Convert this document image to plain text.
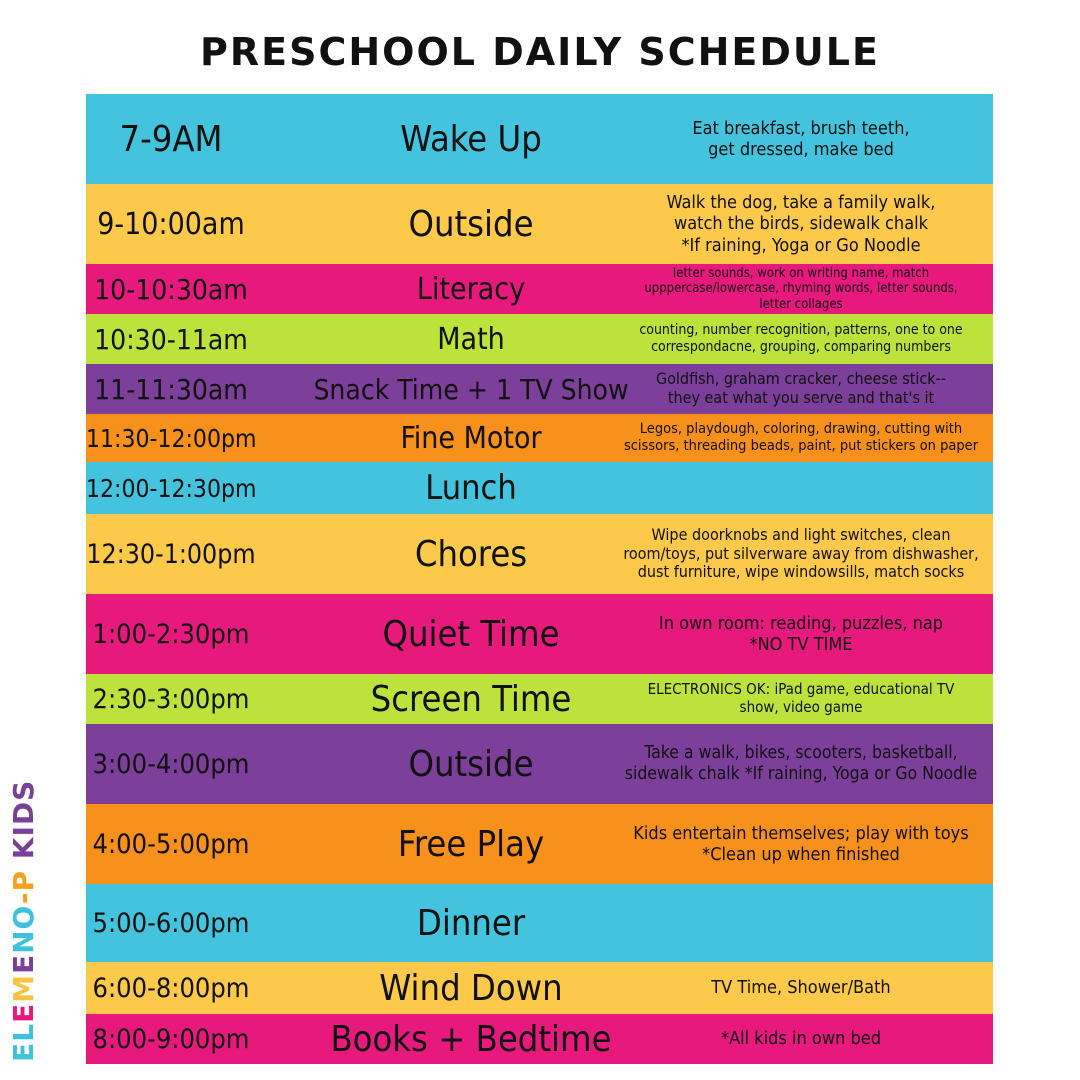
PRESCHOOL DAILY SCHEDULE
7-9AM	Wake Up	Eat breakfast, brush teeth,
get dressed, make bed
9-10:00am	Outside
Walk the dog, take a family walk,
watch the birds, sidewalk chalk
*If raining, Yoga or Go Noodle
10-10:30am	Literacy	letter sounds, work on writing name, match
upppercase/lowercase, rhyming words, letter sounds,
letter collages
10:30-11am	Math	counting, number recognition, patterns, one to one
correspondacne, grouping, comparing numbers
11-11:30am	Snack Time + 1 TV Show	Goldfish, graham cracker, cheese stick--
they eat what you serve and that's it
11:30-12:00pm	Fine Motor	Legos, playdough, coloring, drawing, cutting with
scissors, threading beads, paint, put stickers on paper
12:00-12:30pm	Lunch
12:30-1:00pm	Chores	Wipe doorknobs and light switches, clean
room/toys, put silverware away from dishwasher,
dust furniture, wipe windowsills, match socks
1:00-2:30pm	Quiet Time	In own room: reading, puzzles, nap
*NO TV TIME
2:30-3:00pm	Screen Time	ELECTRONICS OK: iPad game, educational TV
show, video game
3:00-4:00pm	Outside	Take a walk, bikes, scooters, basketball,
sidewalk chalk *If raining, Yoga or Go Noodle
4:00-5:00pm	Free Play	Kids entertain themselves; play with toys
*Clean up when finished
5:00-6:00pm	Dinner
6:00-8:00pm	Wind Down	TV Time, Shower/Bath
8:00-9:00pm	Books + Bedtime	*All kids in own bed
ELEMENO-P KIDS
